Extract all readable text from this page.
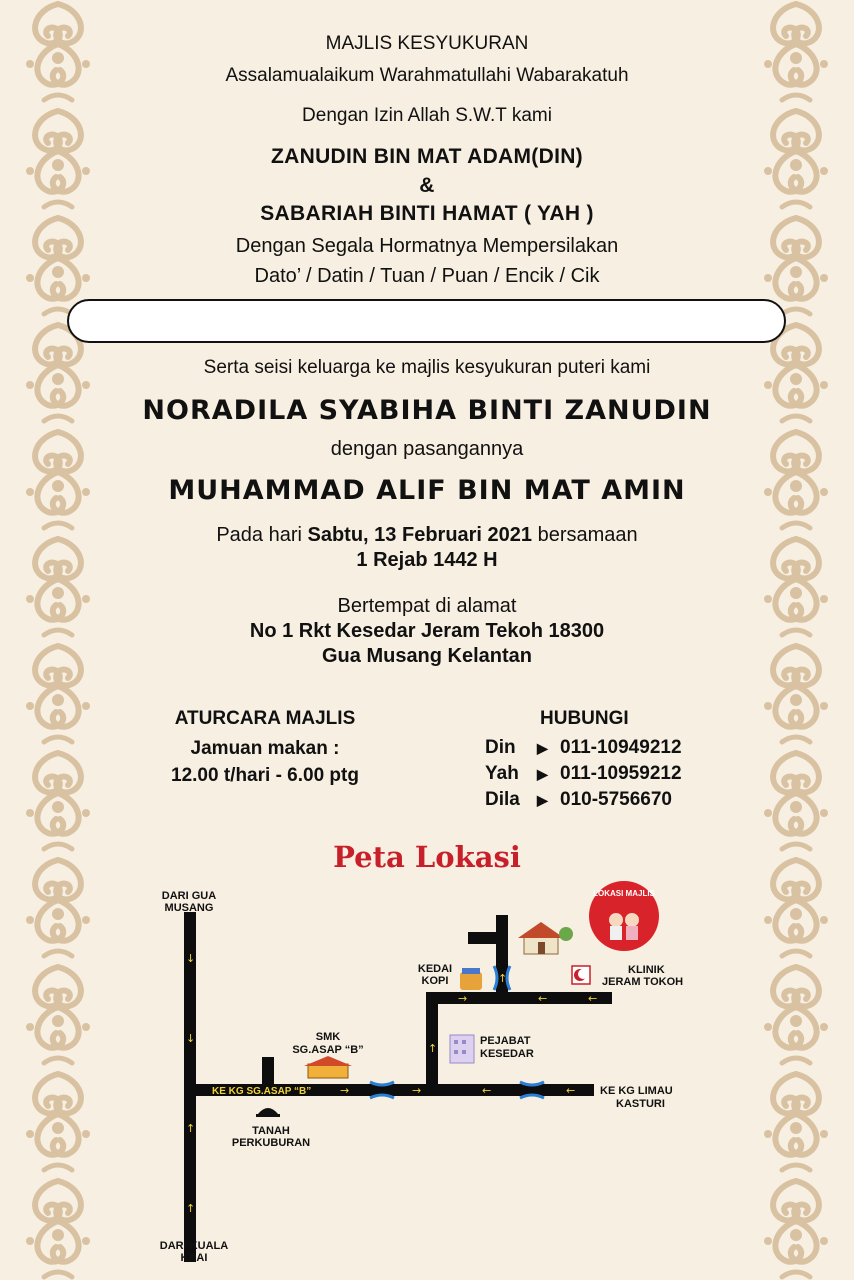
MAJLIS KESYUKURAN
Assalamualaikum Warahmatullahi Wabarakatuh
Dengan Izin Allah S.W.T kami
ZANUDIN BIN MAT ADAM(DIN)
&
SABARIAH BINTI HAMAT ( YAH )
Dengan Segala Hormatnya Mempersilakan
Dato’ / Datin / Tuan / Puan / Encik / Cik
Serta seisi keluarga ke majlis kesyukuran puteri kami
NORADILA SYABIHA BINTI ZANUDIN
dengan pasangannya
MUHAMMAD ALIF BIN MAT AMIN
Pada hari Sabtu, 13 Februari 2021 bersamaan
1 Rejab 1442 H
Bertempat di alamat
No 1 Rkt Kesedar Jeram Tekoh 18300
Gua Musang Kelantan
ATURCARA MAJLIS
Jamuan makan :
12.00 t/hari - 6.00 ptg
HUBUNGI
Din ▶ 011-10949212
Yah ▶ 011-10959212
Dila ▶ 010-5756670
Peta Lokasi
↓
↓
↑
↑
→	→	←	←
↑
→	←	←
↑
DARI GUA
MUSANG
DARI KUALA
KRAI
KE KG SG.ASAP “B”
SMK
SG.ASAP “B”
TANAH
PERKUBURAN
KEDAI
KOPI
KLINIK
JERAM TOKOH
PEJABAT
KESEDAR
KE KG LIMAU
KASTURI
LOKASI MAJLIS
